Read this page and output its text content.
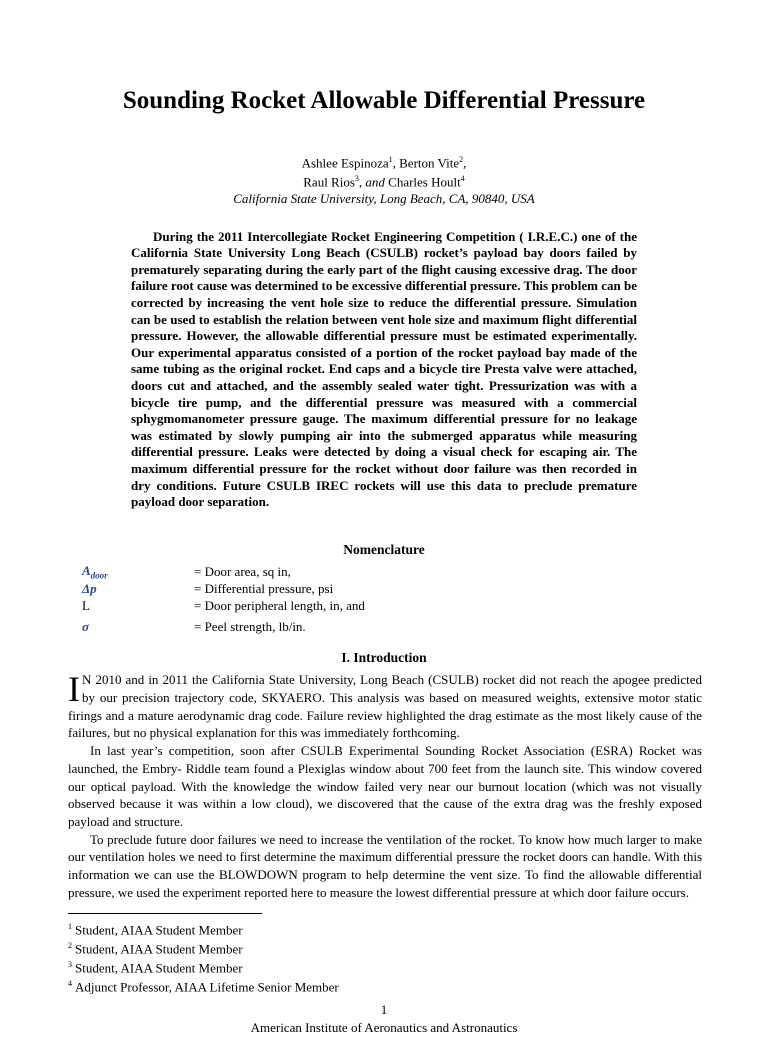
Sounding Rocket Allowable Differential Pressure
Ashlee Espinoza$^1$, Berton Vite$^2$,
Raul Rios$^3$, and Charles Hoult$^4$
California State University, Long Beach, CA, 90840, USA
During the 2011 Intercollegiate Rocket Engineering Competition ( I.R.E.C.) one of the California State University Long Beach (CSULB) rocket’s payload bay doors failed by prematurely separating during the early part of the flight causing excessive drag. The door failure root cause was determined to be excessive differential pressure. This problem can be corrected by increasing the vent hole size to reduce the differential pressure. Simulation can be used to establish the relation between vent hole size and maximum flight differential pressure. However, the allowable differential pressure must be estimated experimentally. Our experimental apparatus consisted of a portion of the rocket payload bay made of the same tubing as the original rocket. End caps and a bicycle tire Presta valve were attached, doors cut and attached, and the assembly sealed water tight. Pressurization was with a bicycle tire pump, and the differential pressure was measured with a commercial sphygmomanometer pressure gauge. The maximum differential pressure for no leakage was estimated by slowly pumping air into the submerged apparatus while measuring differential pressure. Leaks were detected by doing a visual check for escaping air. The maximum differential pressure for the rocket without door failure was then recorded in dry conditions. Future CSULB IREC rockets will use this data to preclude premature payload door separation.
Nomenclature
$A_{door}$	= Door area, sq in,
Δp	= Differential pressure, psi
L	= Door peripheral length, in, and
σ	= Peel strength, lb/in.
I. Introduction

I N 2010 and in 2011 the California State University, Long Beach (CSULB) rocket did not reach the apogee predicted by our precision trajectory code, SKYAERO. This analysis was based on measured weights, extensive motor static firings and a mature aerodynamic drag code. Failure review highlighted the drag estimate as the most likely cause of the failures, but no physical explanation for this was immediately forthcoming.

In last year’s competition, soon after CSULB Experimental Sounding Rocket Association (ESRA) Rocket was launched, the Embry- Riddle team found a Plexiglas window about 700 feet from the launch site. This window covered our optical payload. With the knowledge the window failed very near our burnout location (which was not visually observed because it was within a low cloud), we discovered that the cause of the extra drag was the freshly exposed payload and structure.

To preclude future door failures we need to increase the ventilation of the rocket. To know how much larger to make our ventilation holes we need to first determine the maximum differential pressure the rocket doors can handle. With this information we can use the BLOWDOWN program to help determine the vent size. To find the allowable differential pressure, we used the experiment reported here to measure the lowest differential pressure at which door failure occurs.

$^1$ Student, AIAA Student Member
$^2$ Student, AIAA Student Member
$^3$ Student, AIAA Student Member
$^4$ Adjunct Professor, AIAA Lifetime Senior Member
1
American Institute of Aeronautics and Astronautics
